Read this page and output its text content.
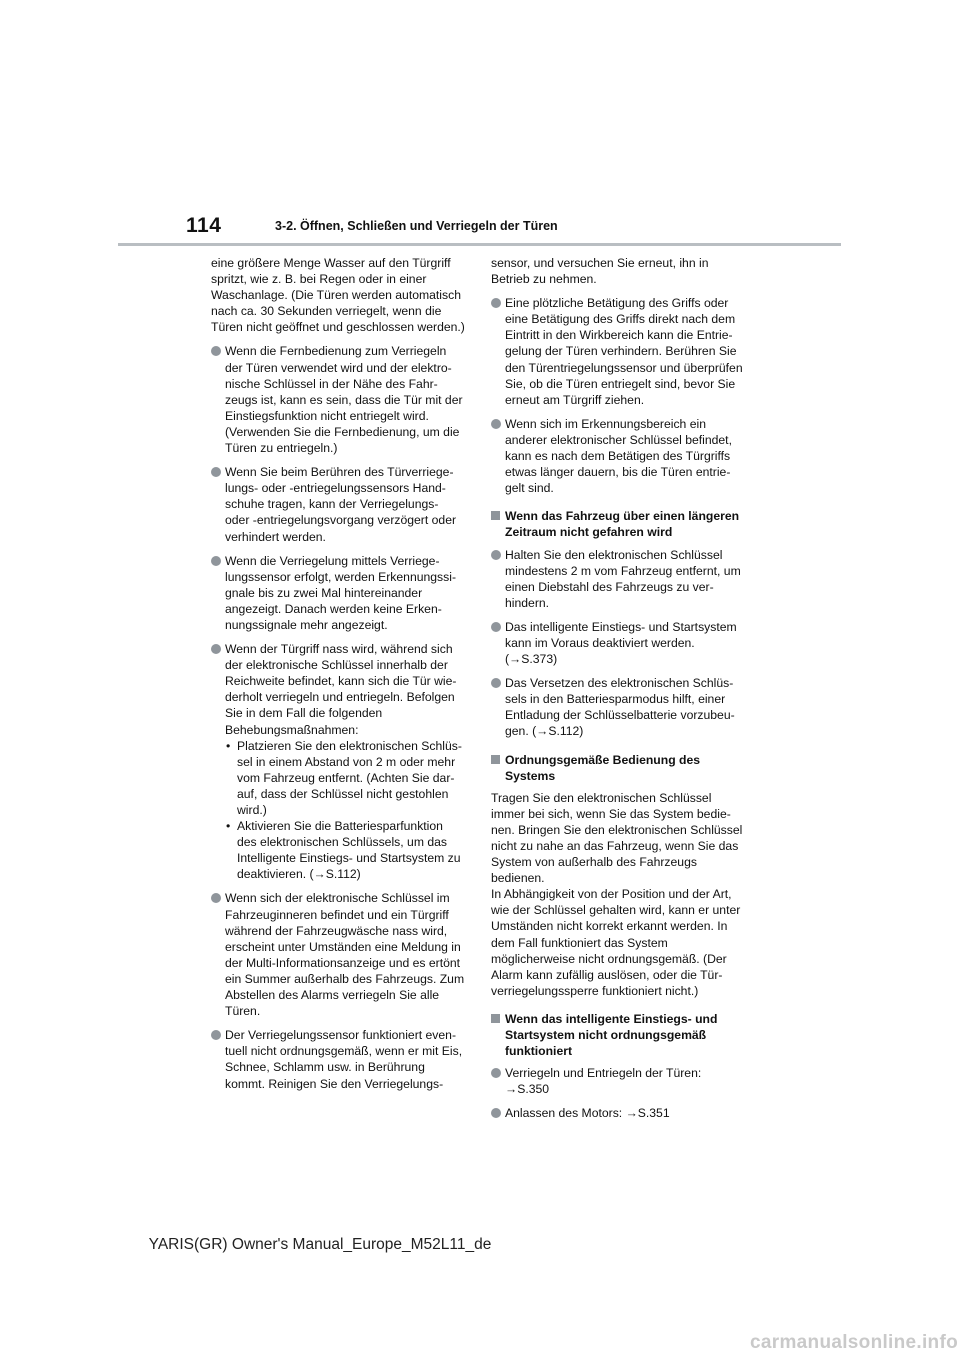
114	3-2. Öffnen, Schließen und Verriegeln der Türen

eine größere Menge Wasser auf den Türgriff spritzt, wie z. B. bei Regen oder in einer Waschanlage. (Die Türen werden automatisch nach ca. 30 Sekunden verriegelt, wenn die Türen nicht geöffnet und geschlossen werden.)

Wenn die Fernbedienung zum Verriegeln der Türen verwendet wird und der elektronische Schlüssel in der Nähe des Fahrzeugs ist, kann es sein, dass die Tür mit der Einstiegsfunktion nicht entriegelt wird. (Verwenden Sie die Fernbedienung, um die Türen zu entriegeln.)
Wenn Sie beim Berühren des Türverriegelungs- oder -entriegelungssensors Handschuhe tragen, kann der Verriegelungs- oder -entriegelungsvorgang verzögert oder verhindert werden.
Wenn die Verriegelung mittels Verriegelungssensor erfolgt, werden Erkennungssignale bis zu zwei Mal hintereinander angezeigt. Danach werden keine Erkennungssignale mehr angezeigt.
Wenn der Türgriff nass wird, während sich der elektronische Schlüssel innerhalb der Reichweite befindet, kann sich die Tür wiederholt verriegeln und entriegeln. Befolgen Sie in dem Fall die folgenden Behebungsmaßnahmen:
• Platzieren Sie den elektronischen Schlüssel in einem Abstand von 2 m oder mehr vom Fahrzeug entfernt. (Achten Sie darauf, dass der Schlüssel nicht gestohlen wird.)
• Aktivieren Sie die Batteriesparfunktion des elektronischen Schlüssels, um das Intelligente Einstiegs- und Startsystem zu deaktivieren. (→S.112)
Wenn sich der elektronische Schlüssel im Fahrzeuginneren befindet und ein Türgriff während der Fahrzeugwäsche nass wird, erscheint unter Umständen eine Meldung in der Multi-Informationsanzeige und es ertönt ein Summer außerhalb des Fahrzeugs. Zum Abstellen des Alarms verriegeln Sie alle Türen.
Der Verriegelungssensor funktioniert eventuell nicht ordnungsgemäß, wenn er mit Eis, Schnee, Schlamm usw. in Berührung kommt. Reinigen Sie den Verriegelungs-

sensor, und versuchen Sie erneut, ihn in Betrieb zu nehmen.

Eine plötzliche Betätigung des Griffs oder eine Betätigung des Griffs direkt nach dem Eintritt in den Wirkbereich kann die Entriegelung der Türen verhindern. Berühren Sie den Türentriegelungssensor und überprüfen Sie, ob die Türen entriegelt sind, bevor Sie erneut am Türgriff ziehen.
Wenn sich im Erkennungsbereich ein anderer elektronischer Schlüssel befindet, kann es nach dem Betätigen des Türgriffs etwas länger dauern, bis die Türen entriegelt sind.
Wenn das Fahrzeug über einen längeren Zeitraum nicht gefahren wird
Halten Sie den elektronischen Schlüssel mindestens 2 m vom Fahrzeug entfernt, um einen Diebstahl des Fahrzeugs zu verhindern.
Das intelligente Einstiegs- und Startsystem kann im Voraus deaktiviert werden. (→S.373)
Das Versetzen des elektronischen Schlüssels in den Batteriesparmodus hilft, einer Entladung der Schlüsselbatterie vorzubeugen. (→S.112)
Ordnungsgemäße Bedienung des Systems

Tragen Sie den elektronischen Schlüssel immer bei sich, wenn Sie das System bedienen. Bringen Sie den elektronischen Schlüssel nicht zu nahe an das Fahrzeug, wenn Sie das System von außerhalb des Fahrzeugs bedienen.
In Abhängigkeit von der Position und der Art, wie der Schlüssel gehalten wird, kann er unter Umständen nicht korrekt erkannt werden. In dem Fall funktioniert das System möglicherweise nicht ordnungsgemäß. (Der Alarm kann zufällig auslösen, oder die Türverriegelungssperre funktioniert nicht.)

Wenn das intelligente Einstiegs- und Startsystem nicht ordnungsgemäß funktioniert
Verriegeln und Entriegeln der Türen: →S.350
Anlassen des Motors: →S.351
YARIS(GR) Owner's Manual_Europe_M52L11_de
carmanualsonline.info
